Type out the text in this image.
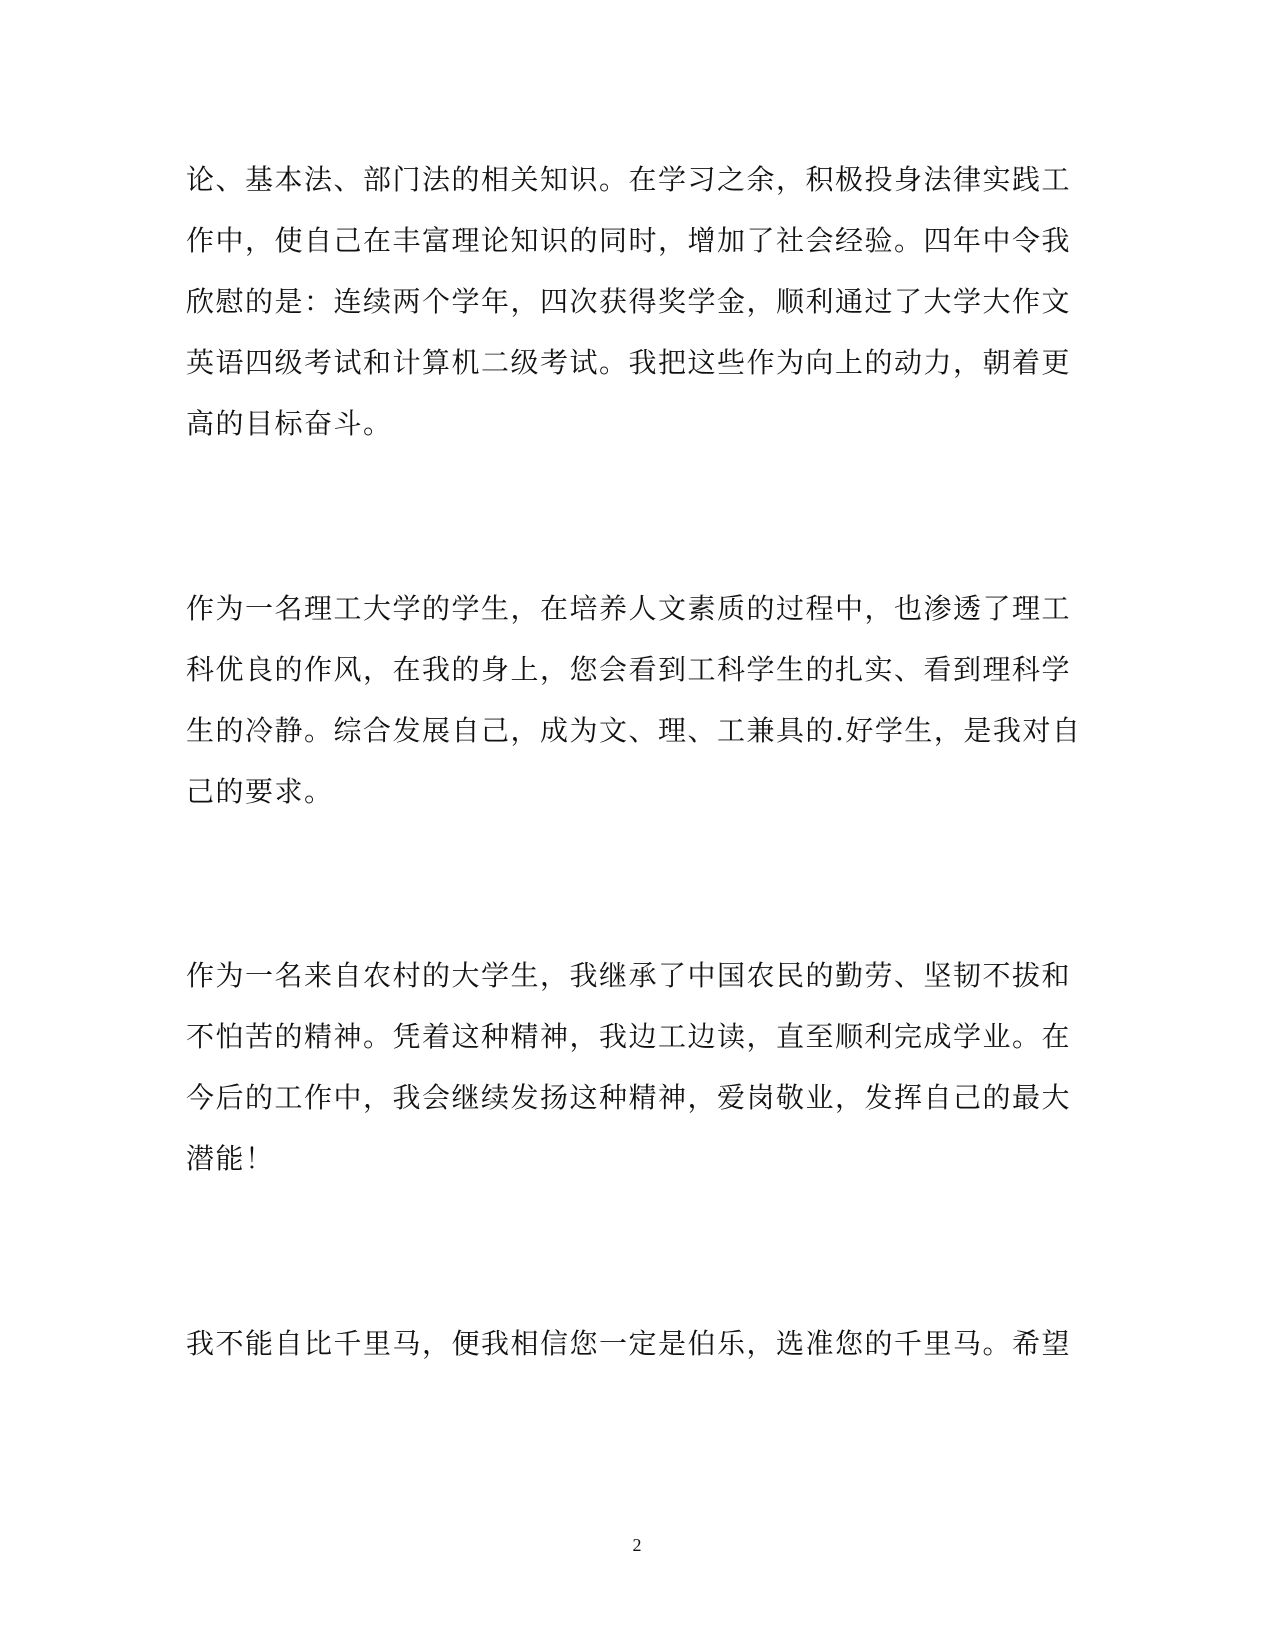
论、基本法、部门法的相关知识。在学习之余，积极投身法律实践工

作中，使自己在丰富理论知识的同时，增加了社会经验。四年中令我

欣慰的是：连续两个学年，四次获得奖学金，顺利通过了大学大作文

英语四级考试和计算机二级考试。我把这些作为向上的动力，朝着更

高的目标奋斗。

作为一名理工大学的学生，在培养人文素质的过程中，也渗透了理工

科优良的作风，在我的身上，您会看到工科学生的扎实、看到理科学

生的冷静。综合发展自己，成为文、理、工兼具的.好学生，是我对自

己的要求。

作为一名来自农村的大学生，我继承了中国农民的勤劳、坚韧不拔和

不怕苦的精神。凭着这种精神，我边工边读，直至顺利完成学业。在

今后的工作中，我会继续发扬这种精神，爱岗敬业，发挥自己的最大

潜能！

我不能自比千里马，便我相信您一定是伯乐，选准您的千里马。希望

2
